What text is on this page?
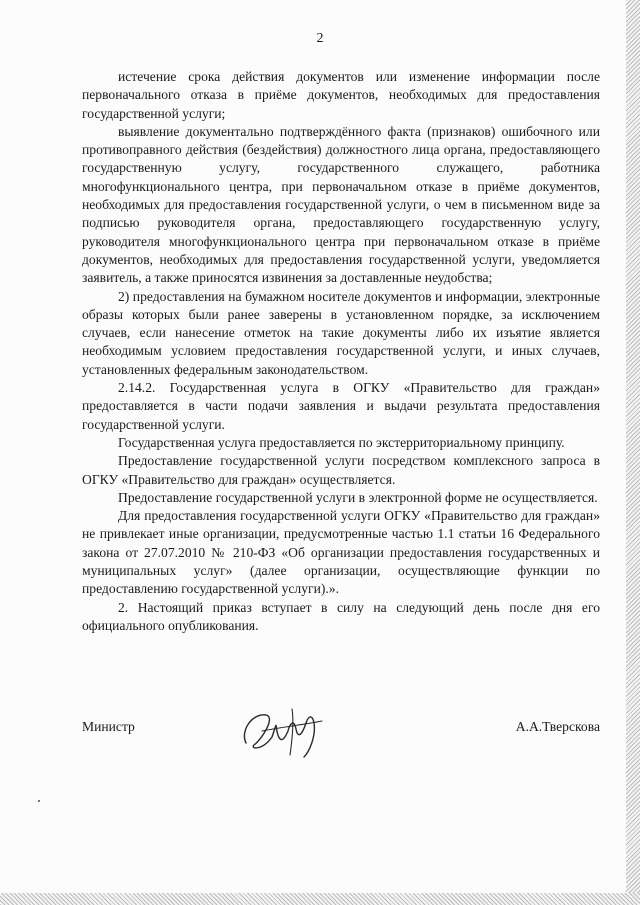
2

истечение срока действия документов или изменение информации после первоначального отказа в приёме документов, необходимых для предоставления государственной услуги;

выявление документально подтверждённого факта (признаков) ошибочного или противоправного действия (бездействия) должностного лица органа, предоставляющего государственную услугу, государственного служащего, работника многофункционального центра, при первоначальном отказе в приёме документов, необходимых для предоставления государственной услуги, о чем в письменном виде за подписью руководителя органа, предоставляющего государственную услугу, руководителя многофункционального центра при первоначальном отказе в приёме документов, необходимых для предоставления государственной услуги, уведомляется заявитель, а также приносятся извинения за доставленные неудобства;

2) предоставления на бумажном носителе документов и информации, электронные образы которых были ранее заверены в установленном порядке, за исключением случаев, если нанесение отметок на такие документы либо их изъятие является необходимым условием предоставления государственной услуги, и иных случаев, установленных федеральным законодательством.

2.14.2. Государственная услуга в ОГКУ «Правительство для граждан» предоставляется в части подачи заявления и выдачи результата предоставления государственной услуги.

Государственная услуга предоставляется по экстерриториальному принципу.

Предоставление государственной услуги посредством комплексного запроса в ОГКУ «Правительство для граждан» осуществляется.

Предоставление государственной услуги в электронной форме не осуществляется.

Для предоставления государственной услуги ОГКУ «Правительство для граждан» не привлекает иные организации, предусмотренные частью 1.1 статьи 16 Федерального закона от 27.07.2010 № 210-ФЗ «Об организации предоставления государственных и муниципальных услуг» (далее организации, осуществляющие функции по предоставлению государственной услуги).».

2. Настоящий приказ вступает в силу на следующий день после дня его официального опубликования.

Министр	А.А.Тверскова
